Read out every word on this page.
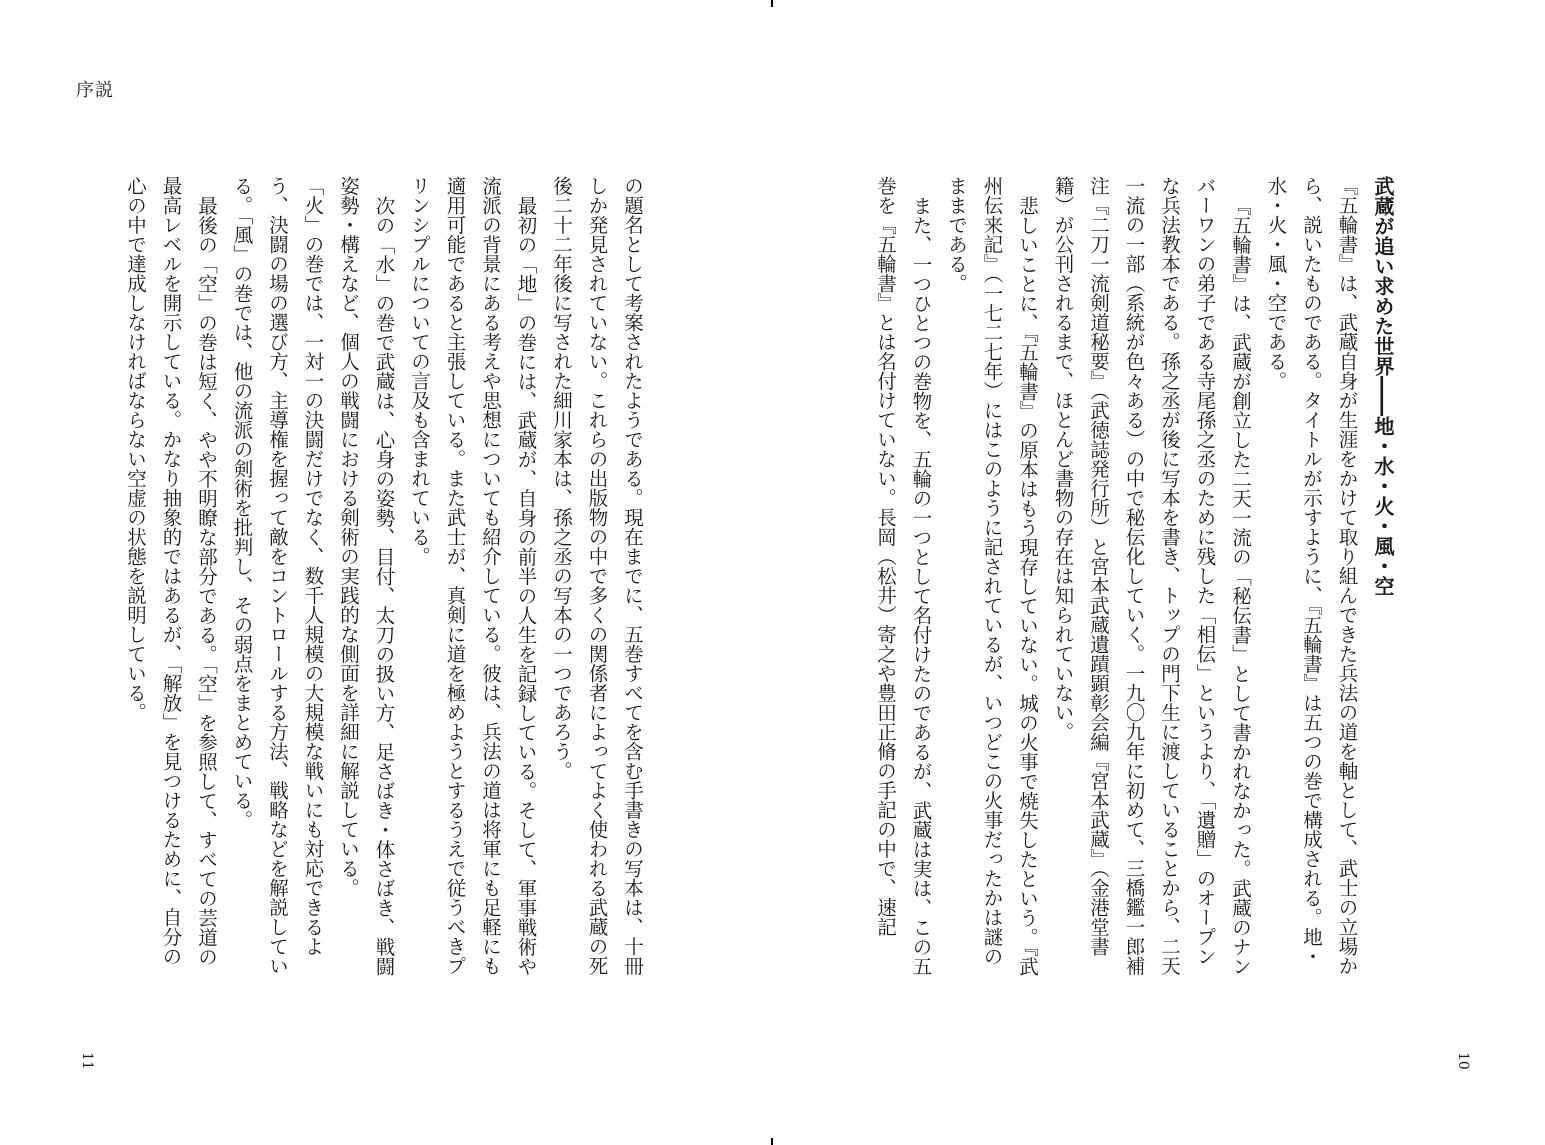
序説
武蔵が追い求めた世界――地・水・火・風・空

『五輪書』は、武蔵自身が生涯をかけて取り組んできた兵法の道を軸として、武士の立場から、説いたものである。タイトルが示すように、『五輪書』は五つの巻で構成される。地・水・火・風・空である。

『五輪書』は、武蔵が創立した二天一流の「秘伝書」として書かれなかった。武蔵のナンバーワンの弟子である寺尾孫之丞のために残した「相伝」というより、「遺贈」のオープンな兵法教本である。孫之丞が後に写本を書き、トップの門下生に渡していることから、二天一流の一部（系統が色々ある）の中で秘伝化していく。一九〇九年に初めて、三橋鑑一郎補注『二刀一流剣道秘要』（武徳誌発行所）と宮本武蔵遺蹟顕彰会編『宮本武蔵』（金港堂書籍）が公刊されるまで、ほとんど書物の存在は知られていない。

悲しいことに、『五輪書』の原本はもう現存していない。城の火事で焼失したという。『武州伝来記』（一七二七年）にはこのように記されているが、いつどこの火事だったかは謎のままである。

また、一つひとつの巻物を、五輪の一つとして名付けたのであるが、武蔵は実は、この五巻を『五輪書』とは名付けていない。長岡（松井）寄之や豊田正脩の手記の中で、速記

の題名として考案されたようである。現在までに、五巻すべてを含む手書きの写本は、十冊しか発見されていない。これらの出版物の中で多くの関係者によってよく使われる武蔵の死後二十二年後に写された細川家本は、孫之丞の写本の一つであろう。

最初の「地」の巻には、武蔵が、自身の前半の人生を記録している。そして、軍事戦術や流派の背景にある考えや思想についても紹介している。彼は、兵法の道は将軍にも足軽にも適用可能であると主張している。また武士が、真剣に道を極めようとするうえで従うべきプリンシプルについての言及も含まれている。

次の「水」の巻で武蔵は、心身の姿勢、目付、太刀の扱い方、足さばき・体さばき、戦闘姿勢・構えなど、個人の戦闘における剣術の実践的な側面を詳細に解説している。

「火」の巻では、一対一の決闘だけでなく、数千人規模の大規模な戦いにも対応できるよう、決闘の場の選び方、主導権を握って敵をコントロールする方法、戦略などを解説している。「風」の巻では、他の流派の剣術を批判し、その弱点をまとめている。

最後の「空」の巻は短く、やや不明瞭な部分である。「空」を参照して、すべての芸道の最高レベルを開示している。かなり抽象的ではあるが、「解放」を見つけるために、自分の心の中で達成しなければならない空虚の状態を説明している。

11	10
